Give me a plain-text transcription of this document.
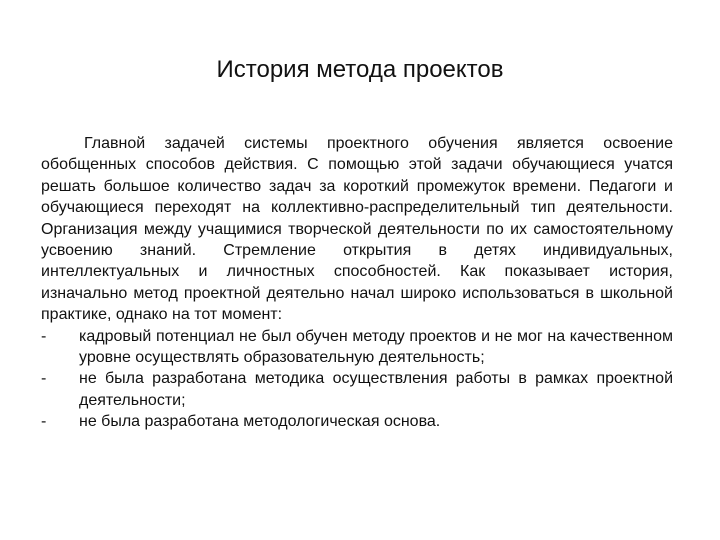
История метода проектов

Главной задачей системы проектного обучения является освоение обобщенных способов действия. С помощью этой задачи обучающиеся учатся решать большое количество задач за короткий промежуток времени. Педагоги и обучающиеся переходят на коллективно-распределительный тип деятельности. Организация между учащимися творческой деятельности по их самостоятельному усвоению знаний. Стремление открытия в детях индивидуальных, интеллектуальных и личностных способностей. Как показывает история, изначально метод проектной деятельно начал широко использоваться в школьной практике, однако на тот момент:

- кадровый потенциал не был обучен методу проектов и не мог на качественном уровне осуществлять образовательную деятельность;
- не была разработана методика осуществления работы в рамках проектной деятельности;
- не была разработана методологическая основа.
